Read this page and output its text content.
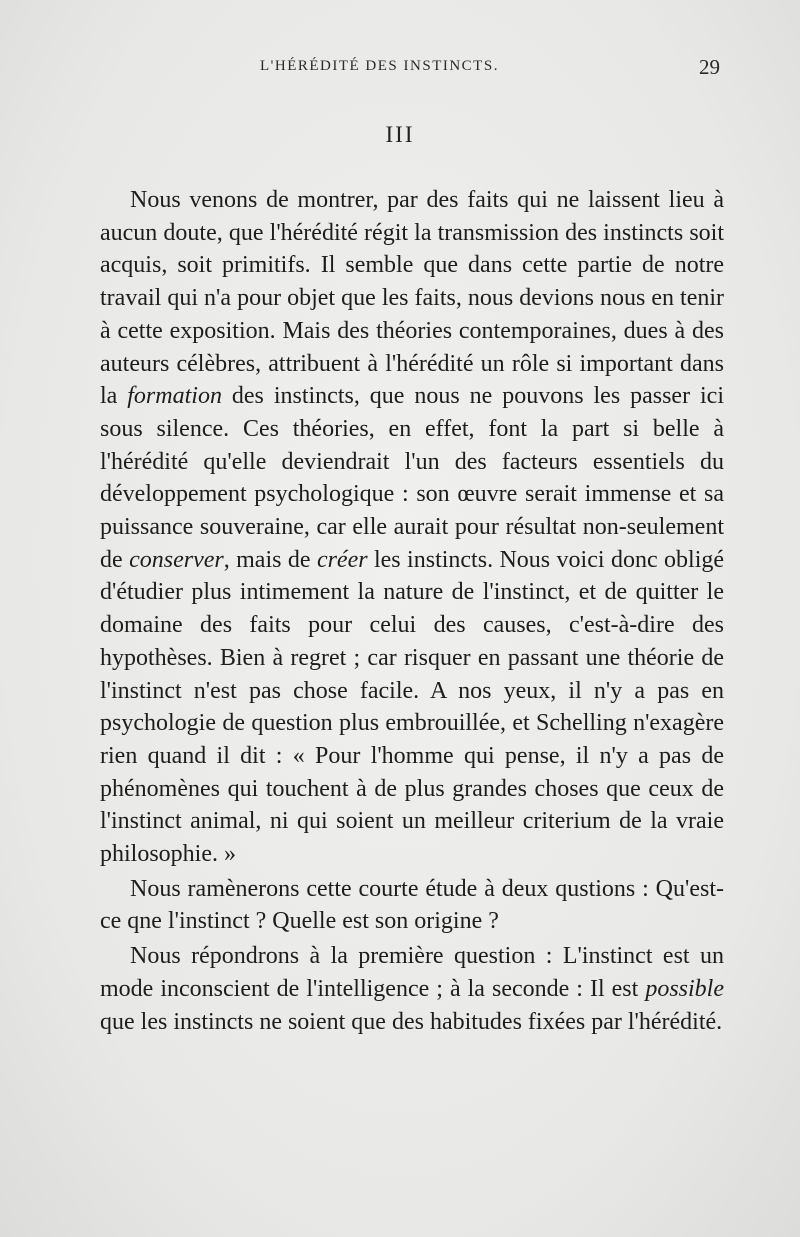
L'HÉRÉDITÉ DES INSTINCTS.	29
III

Nous venons de montrer, par des faits qui ne laissent lieu à aucun doute, que l'hérédité régit la transmission des instincts soit acquis, soit primitifs. Il semble que dans cette partie de notre travail qui n'a pour objet que les faits, nous devions nous en tenir à cette exposition. Mais des théories contemporaines, dues à des auteurs célèbres, attribuent à l'hérédité un rôle si important dans la formation des instincts, que nous ne pouvons les passer ici sous silence. Ces théories, en effet, font la part si belle à l'hérédité qu'elle deviendrait l'un des facteurs essentiels du développement psychologique : son œuvre serait immense et sa puissance souveraine, car elle aurait pour résultat non-seulement de conserver, mais de créer les instincts. Nous voici donc obligé d'étudier plus intimement la nature de l'instinct, et de quitter le domaine des faits pour celui des causes, c'est-à-dire des hypothèses. Bien à regret ; car risquer en passant une théorie de l'instinct n'est pas chose facile. A nos yeux, il n'y a pas en psychologie de question plus embrouillée, et Schelling n'exagère rien quand il dit : « Pour l'homme qui pense, il n'y a pas de phénomènes qui touchent à de plus grandes choses que ceux de l'instinct animal, ni qui soient un meilleur criterium de la vraie philosophie. »

Nous ramènerons cette courte étude à deux qustions : Qu'est-ce qne l'instinct ? Quelle est son origine ?

Nous répondrons à la première question : L'instinct est un mode inconscient de l'intelligence ; à la seconde : Il est possible que les instincts ne soient que des habitudes fixées par l'hérédité.
